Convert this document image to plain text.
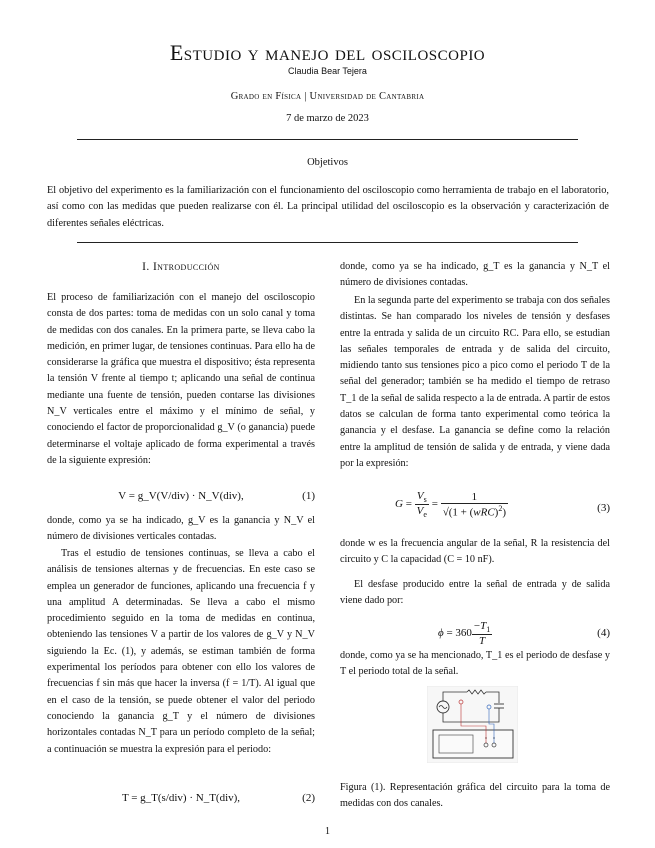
Estudio y manejo del osciloscopio
Claudia Bear Tejera
Grado en Física | Universidad de Cantabria
7 de marzo de 2023
Objetivos
El objetivo del experimento es la familiarización con el funcionamiento del osciloscopio como herramienta de trabajo en el laboratorio, así como con las medidas que pueden realizarse con él. La principal utilidad del osciloscopio es la observación y caracterización de diferentes señales eléctricas.
I. Introducción

El proceso de familiarización con el manejo del osciloscopio consta de dos partes: toma de medidas con un solo canal y toma de medidas con dos canales. En la primera parte, se lleva cabo la medición, en primer lugar, de tensiones continuas. Para ello ha de considerarse la gráfica que muestra el dispositivo; ésta representa la tensión V frente al tiempo t; aplicando una señal de continua mediante una fuente de tensión, pueden contarse las divisiones N_V verticales entre el máximo y el mínimo de señal, y conociendo el factor de proporcionalidad g_V (o ganancia) puede determinarse el voltaje aplicado de forma experimental a través de la siguiente expresión:

V = g_V(V/div) · N_V(div),	(1)

donde, como ya se ha indicado, g_V es la ganancia y N_V el número de divisiones verticales contadas.

Tras el estudio de tensiones continuas, se lleva a cabo el análisis de tensiones alternas y de frecuencias. En este caso se emplea un generador de funciones, aplicando una frecuencia f y una amplitud A determinadas. Se lleva a cabo el mismo procedimiento seguido en la toma de medidas en continua, obteniendo las tensiones V a partir de los valores de g_V y N_V siguiendo la Ec. (1), y además, se estiman también de forma experimental los períodos para obtener con ello los valores de frecuencias f sin más que hacer la inversa (f = 1/T). Al igual que en el caso de la tensión, se puede obtener el valor del periodo conociendo la ganancia g_T y el número de divisiones horizontales contadas N_T para un período completo de la señal; a continuación se muestra la expresión para el periodo:

T = g_T(s/div) · N_T(div),	(2)

donde, como ya se ha indicado, g_T es la ganancia y N_T el número de divisiones contadas.

En la segunda parte del experimento se trabaja con dos señales distintas. Se han comparado los niveles de tensión y desfases entre la entrada y salida de un circuito RC. Para ello, se estudian las señales temporales de entrada y de salida del circuito, midiendo tanto sus tensiones pico a pico como el periodo T de la señal del generador; también se ha medido el tiempo de retraso T_1 de la señal de salida respecto a la de entrada. A partir de estos datos se calculan de forma tanto experimental como teórica la ganancia y el desfase. La ganancia se define como la relación entre la amplitud de tensión de salida y de entrada, y viene dada por la expresión:

$G = \frac{V_s}{V_e} = \frac{1}{√(1 + (wRC)^2)}$	(3)

donde w es la frecuencia angular de la señal, R la resistencia del circuito y C la capacidad (C = 10 nF).

El desfase producido entre la señal de entrada y de salida viene dado por:

$\phi = 360 \frac{-T_1}{T}$	(4)

donde, como ya se ha mencionado, T_1 es el periodo de desfase y T el periodo total de la señal.

Figura (1). Representación gráfica del circuito para la toma de medidas con dos canales.
1
